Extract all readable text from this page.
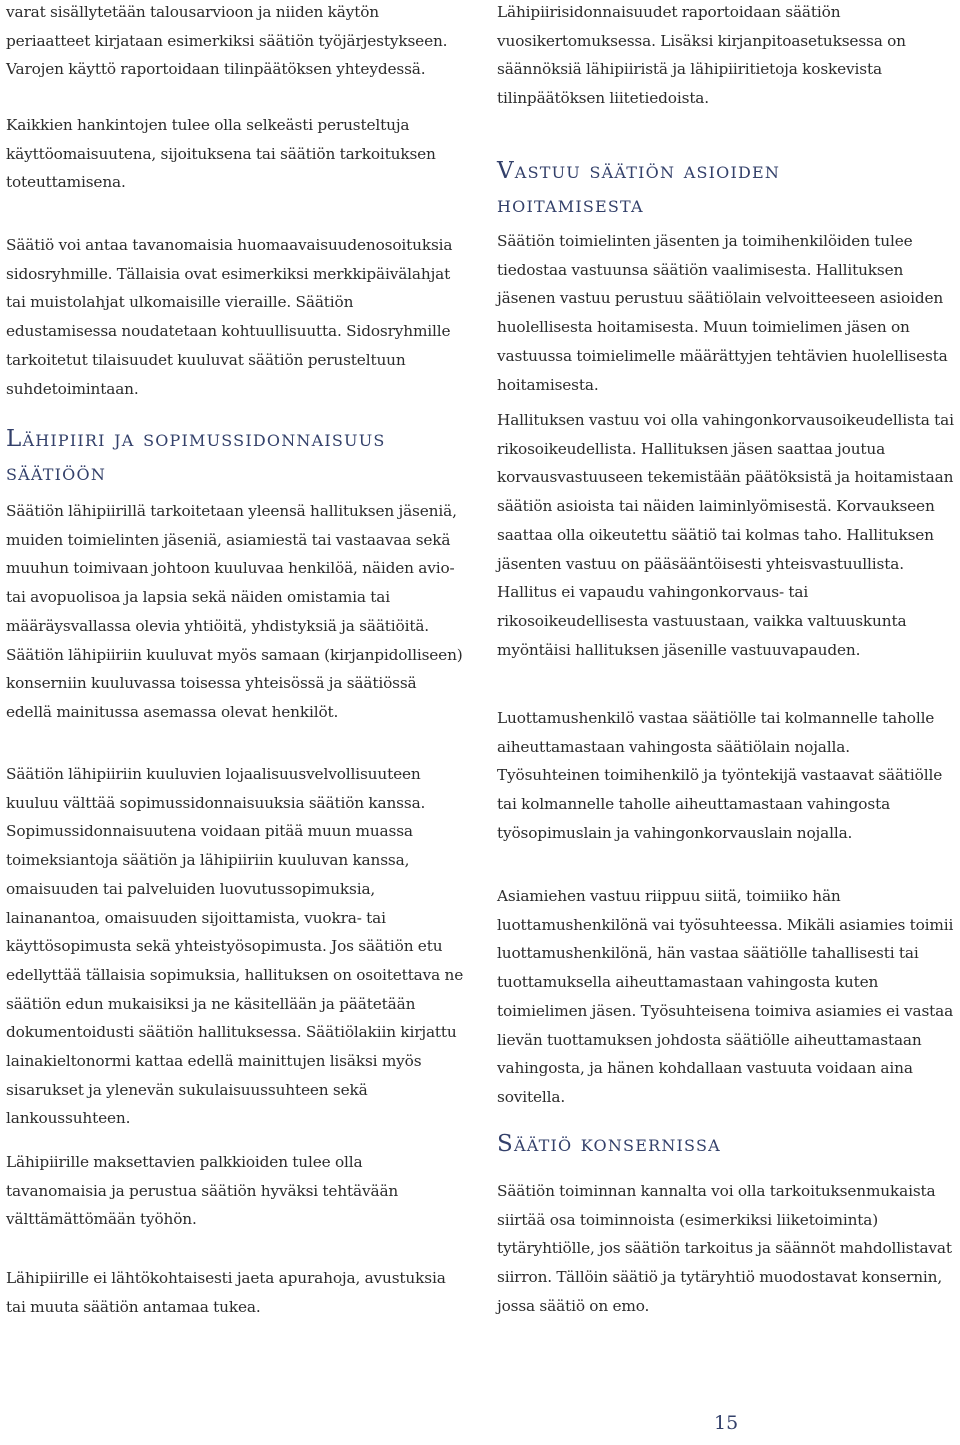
varat sisällytetään talousarvioon ja niiden käytön periaatteet kirjataan esimerkiksi säätiön työjärjestykseen. Varojen käyttö raportoidaan tilinpäätöksen yhteydessä.

Kaikkien hankintojen tulee olla selkeästi perusteltuja käyttöomaisuutena, sijoituksena tai säätiön tarkoituksen toteuttamisena.

Säätiö voi antaa tavanomaisia huomaavaisuudenosoituksia sidosryhmille. Tällaisia ovat esimerkiksi merkkipäivälahjat tai muistolahjat ulkomaisille vieraille. Säätiön edustamisessa noudatetaan kohtuullisuutta. Sidosryhmille tarkoitetut tilaisuudet kuuluvat säätiön perusteltuun suhdetoimintaan.

Lähipiiri ja sopimussidonnaisuus säätiöön

Säätiön lähipiirillä tarkoitetaan yleensä hallituksen jäseniä, muiden toimielinten jäseniä, asiamiestä tai vastaavaa sekä muuhun toimivaan johtoon kuuluvaa henkilöä, näiden avio- tai avopuolisoa ja lapsia sekä näiden omistamia tai määräysvallassa olevia yhtiöitä, yhdistyksiä ja säätiöitä. Säätiön lähipiiriin kuuluvat myös samaan (kirjanpidolliseen) konserniin kuuluvassa toisessa yhteisössä ja säätiössä edellä mainitussa asemassa olevat henkilöt.

Säätiön lähipiiriin kuuluvien lojaalisuusvelvollisuuteen kuuluu välttää sopimussidonnaisuuksia säätiön kanssa. Sopimussidonnaisuutena voidaan pitää muun muassa toimeksiantoja säätiön ja lähipiiriin kuuluvan kanssa, omaisuuden tai palveluiden luovutussopimuksia, lainanantoa, omaisuuden sijoittamista, vuokra- tai käyttösopimusta sekä yhteistyösopimusta. Jos säätiön etu edellyttää tällaisia sopimuksia, hallituksen on osoitettava ne säätiön edun mukaisiksi ja ne käsitellään ja päätetään dokumentoidusti säätiön hallituksessa. Säätiölakiin kirjattu lainakieltonormi kattaa edellä mainittujen lisäksi myös sisarukset ja ylenevän sukulaisuussuhteen sekä lankoussuhteen.

Lähipiirille maksettavien palkkioiden tulee olla tavanomaisia ja perustua säätiön hyväksi tehtävään välttämättömään työhön.

Lähipiirille ei lähtökohtaisesti jaeta apurahoja, avustuksia tai muuta säätiön antamaa tukea.

Lähipiirisidonnaisuudet raportoidaan säätiön vuosikertomuksessa. Lisäksi kirjanpitoasetuksessa on säännöksiä lähipiiristä ja lähipiiritietoja koskevista tilinpäätöksen liitetiedoista.

Vastuu säätiön asioiden hoitamisesta

Säätiön toimielinten jäsenten ja toimihenkilöiden tulee tiedostaa vastuunsa säätiön vaalimisesta. Hallituksen jäsenen vastuu perustuu säätiölain velvoitteeseen asioiden huolellisesta hoitamisesta. Muun toimielimen jäsen on vastuussa toimielimelle määrättyjen tehtävien huolellisesta hoitamisesta.

Hallituksen vastuu voi olla vahingonkorvausoikeudellista tai rikosoikeudellista. Hallituksen jäsen saattaa joutua korvausvastuuseen tekemistään päätöksistä ja hoitamistaan säätiön asioista tai näiden laiminlyömisestä. Korvaukseen saattaa olla oikeutettu säätiö tai kolmas taho. Hallituksen jäsenten vastuu on pääsääntöisesti yhteisvastuullista. Hallitus ei vapaudu vahingonkorvaus- tai rikosoikeudellisesta vastuustaan, vaikka valtuuskunta myöntäisi hallituksen jäsenille vastuuvapauden.

Luottamushenkilö vastaa säätiölle tai kolmannelle taholle aiheuttamastaan vahingosta säätiölain nojalla. Työsuhteinen toimihenkilö ja työntekijä vastaavat säätiölle tai kolmannelle taholle aiheuttamastaan vahingosta työsopimuslain ja vahingonkorvauslain nojalla.

Asiamiehen vastuu riippuu siitä, toimiiko hän luottamushenkilönä vai työsuhteessa. Mikäli asiamies toimii luottamushenkilönä, hän vastaa säätiölle tahallisesti tai tuottamuksella aiheuttamastaan vahingosta kuten toimielimen jäsen. Työsuhteisena toimiva asiamies ei vastaa lievän tuottamuksen johdosta säätiölle aiheuttamastaan vahingosta, ja hänen kohdallaan vastuuta voidaan aina sovitella.

Säätiö konsernissa

Säätiön toiminnan kannalta voi olla tarkoituksenmukaista siirtää osa toiminnoista (esimerkiksi liiketoiminta) tytäryhtiölle, jos säätiön tarkoitus ja säännöt mahdollistavat siirron. Tällöin säätiö ja tytäryhtiö muodostavat konsernin, jossa säätiö on emo.

15
